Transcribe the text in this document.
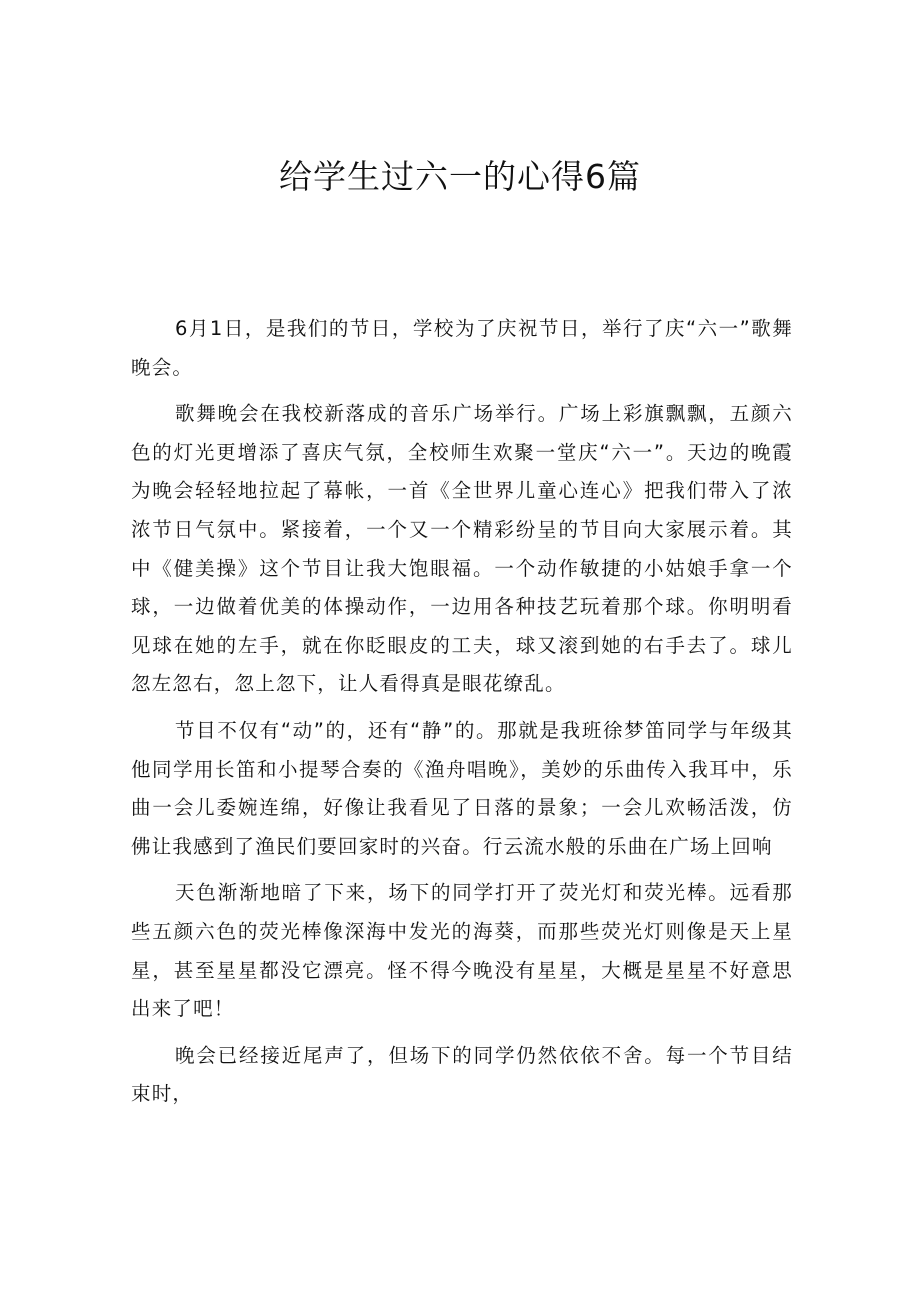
给学生过六一的心得6篇

6月1日，是我们的节日，学校为了庆祝节日，举行了庆“六一”歌舞晚会。

歌舞晚会在我校新落成的音乐广场举行。广场上彩旗飘飘，五颜六色的灯光更增添了喜庆气氛，全校师生欢聚一堂庆“六一”。天边的晚霞为晚会轻轻地拉起了幕帐，一首《全世界儿童心连心》把我们带入了浓浓节日气氛中。紧接着，一个又一个精彩纷呈的节目向大家展示着。其中《健美操》这个节目让我大饱眼福。一个动作敏捷的小姑娘手拿一个球，一边做着优美的体操动作，一边用各种技艺玩着那个球。你明明看见球在她的左手，就在你眨眼皮的工夫，球又滚到她的右手去了。球儿忽左忽右，忽上忽下，让人看得真是眼花缭乱。

节目不仅有“动”的，还有“静”的。那就是我班徐梦笛同学与年级其他同学用长笛和小提琴合奏的《渔舟唱晚》，美妙的乐曲传入我耳中，乐曲一会儿委婉连绵，好像让我看见了日落的景象；一会儿欢畅活泼，仿佛让我感到了渔民们要回家时的兴奋。行云流水般的乐曲在广场上回响

天色渐渐地暗了下来，场下的同学打开了荧光灯和荧光棒。远看那些五颜六色的荧光棒像深海中发光的海葵，而那些荧光灯则像是天上星星，甚至星星都没它漂亮。怪不得今晚没有星星，大概是星星不好意思出来了吧！

晚会已经接近尾声了，但场下的同学仍然依依不舍。每一个节目结束时，
